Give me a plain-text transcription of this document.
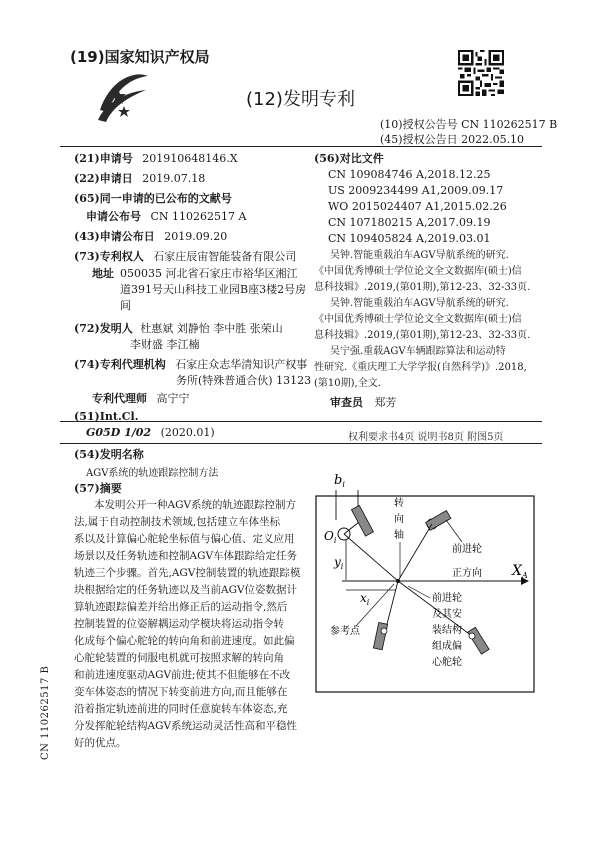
(19)国家知识产权局
(12)发明专利
(10)授权公告号 CN 110262517 B
(45)授权公告日 2022.05.10
(21)申请号 201910648146.X
(22)申请日 2019.07.18
(65)同一申请的已公布的文献号
申请公布号 CN 110262517 A
(43)申请公布日 2019.09.20
(73)专利权人 石家庄辰宙智能装备有限公司
地址 050035 河北省石家庄市裕华区湘江
道391号天山科技工业园B座3楼2号房
间
(72)发明人 杜惠斌 刘静怡 李中胜 张荣山
李财盛 李江楠
(74)专利代理机构 石家庄众志华清知识产权事
务所(特殊普通合伙) 13123
专利代理师 高宁宁
(51)Int.Cl.
G05D 1/02 (2020.01)
(56)对比文件
CN 109084746 A,2018.12.25
US 2009234499 A1,2009.09.17
WO 2015024407 A1,2015.02.26
CN 107180215 A,2017.09.19
CN 109405824 A,2019.03.01
吴钟.智能重载泊车AGV导航系统的研究.
《中国优秀博硕士学位论文全文数据库(硕士)信
息科技辑》.2019,(第01期),第12-23、32-33页.
吴钟.智能重载泊车AGV导航系统的研究.
《中国优秀博硕士学位论文全文数据库(硕士)信
息科技辑》.2019,(第01期),第12-23、32-33页.
吴宁强.重载AGV车辆跟踪算法和运动特
性研究.《重庆理工大学学报(自然科学)》.2018,
(第10期),全文.
审查员 郑芳
权利要求书4页 说明书8页 附图5页
(54)发明名称
AGV系统的轨迹跟踪控制方法
(57)摘要
本发明公开一种AGV系统的轨迹跟踪控制方
法,属于自动控制技术领域,包括建立车体坐标
系以及计算偏心舵轮坐标值与偏心值、定义应用
场景以及任务轨迹和控制AGV车体跟踪给定任务
轨迹三个步骤。首先,AGV控制装置的轨迹跟踪模
块根据给定的任务轨迹以及当前AGV位姿数据计
算轨迹跟踪偏差并给出修正后的运动指令,然后
控制装置的位姿解耦运动学模块将运动指令转
化成每个偏心舵轮的转向角和前进速度。如此偏
心舵轮装置的伺服电机就可按照求解的转向角
和前进速度驱动AGV前进;使其不但能够在不改
变车体姿态的情况下转变前进方向,而且能够在
沿着指定轨迹前进的同时任意旋转车体姿态,充
分发挥舵轮结构AGV系统运动灵活性高和平稳性
好的优点。
$b_i$
$O_i$
$x_i$
$y_i$
转 向 轴
前进轮
正方向 $X_A$
前进轮 及其安 装结构 组成偏 心舵轮
参考点
CN 110262517 B
